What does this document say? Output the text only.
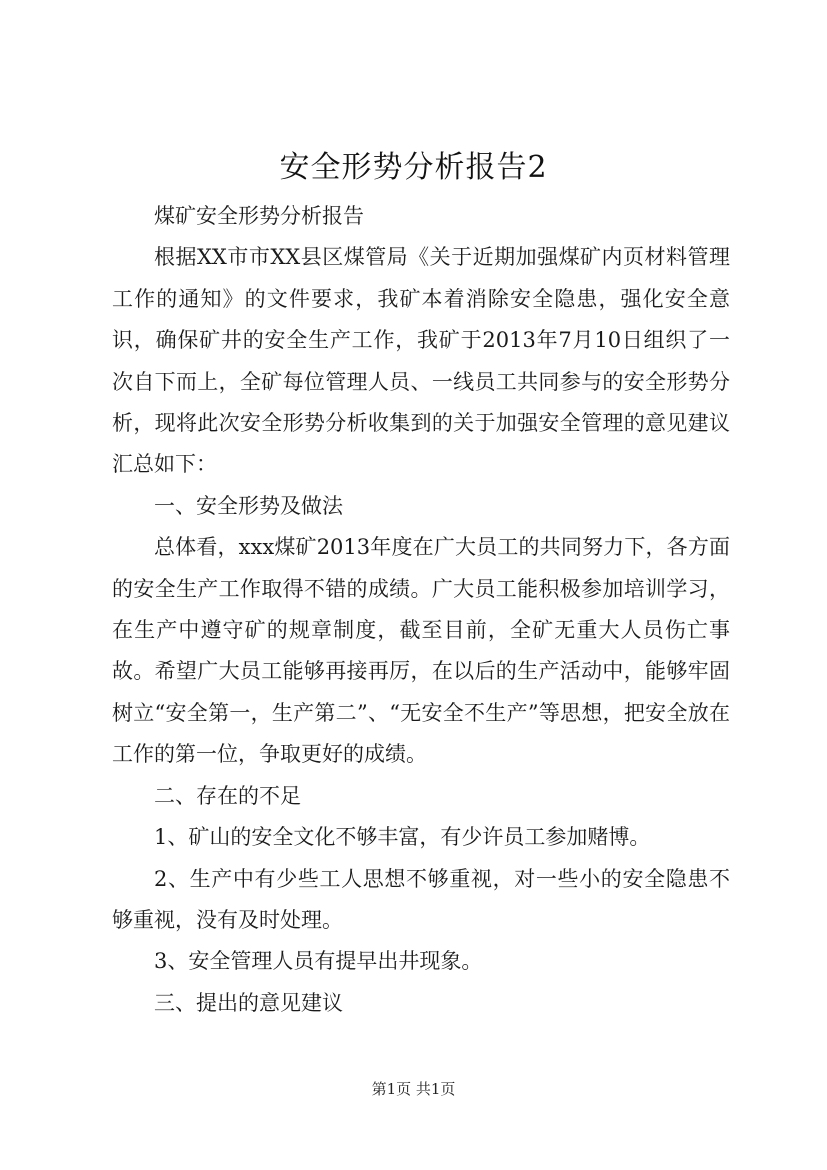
安全形势分析报告2

煤矿安全形势分析报告

根据XX市市XX县区煤管局《关于近期加强煤矿内页材料管理工作的通知》的文件要求，我矿本着消除安全隐患，强化安全意识，确保矿井的安全生产工作，我矿于2013年7月10日组织了一次自下而上，全矿每位管理人员、一线员工共同参与的安全形势分析，现将此次安全形势分析收集到的关于加强安全管理的意见建议汇总如下：

一、安全形势及做法

总体看，xxx煤矿2013年度在广大员工的共同努力下，各方面的安全生产工作取得不错的成绩。广大员工能积极参加培训学习，在生产中遵守矿的规章制度，截至目前，全矿无重大人员伤亡事故。希望广大员工能够再接再厉，在以后的生产活动中，能够牢固树立“安全第一，生产第二”、“无安全不生产”等思想，把安全放在工作的第一位，争取更好的成绩。

二、存在的不足

1、矿山的安全文化不够丰富，有少许员工参加赌博。

2、生产中有少些工人思想不够重视，对一些小的安全隐患不够重视，没有及时处理。

3、安全管理人员有提早出井现象。

三、提出的意见建议

第1页 共1页
